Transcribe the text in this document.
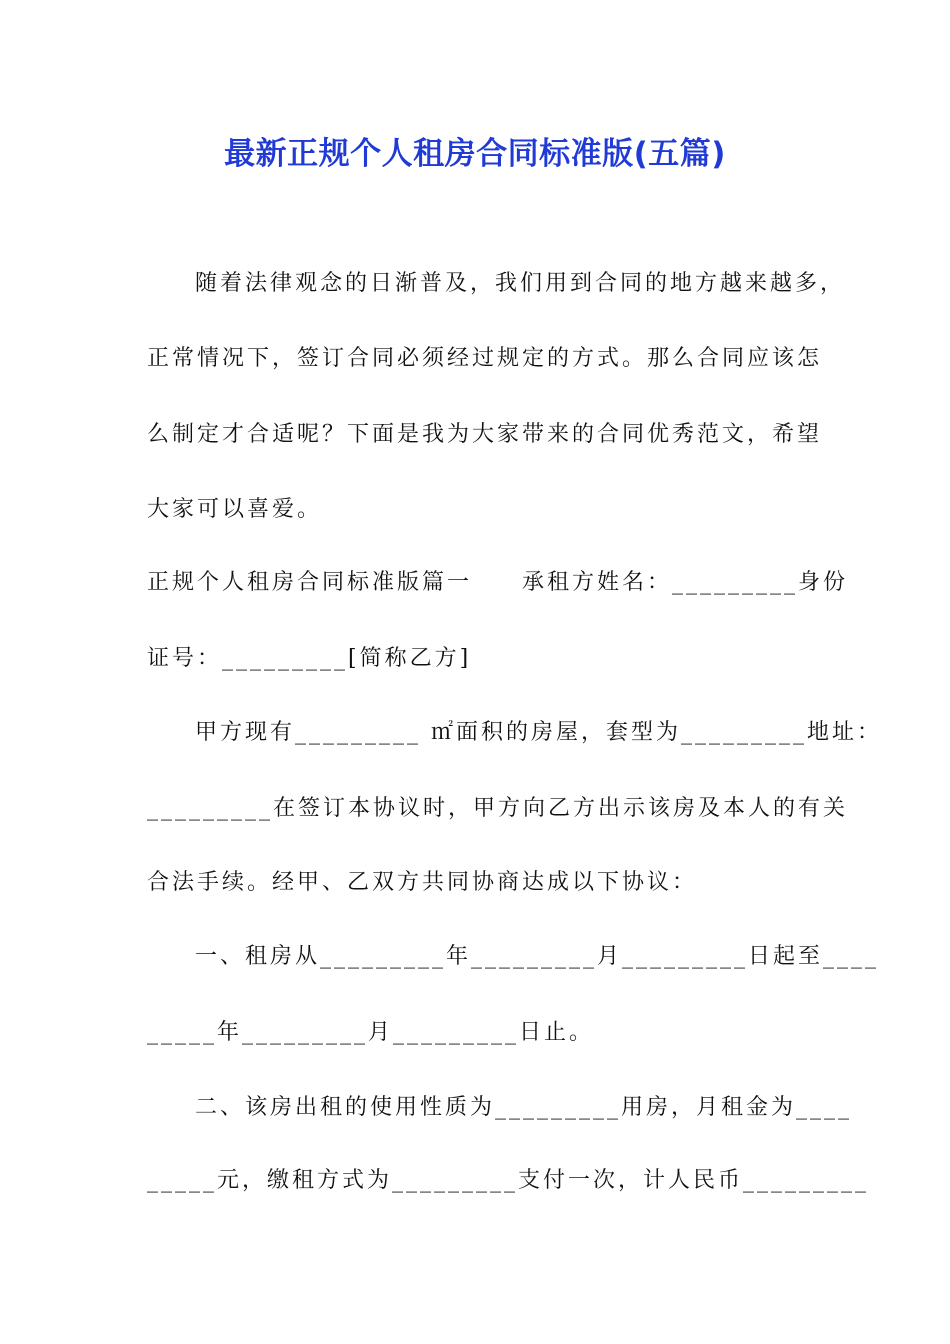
最新正规个人租房合同标准版(五篇)
随着法律观念的日渐普及，我们用到合同的地方越来越多，
正常情况下，签订合同必须经过规定的方式。那么合同应该怎
么制定才合适呢？下面是我为大家带来的合同优秀范文，希望
大家可以喜爱。
正规个人租房合同标准版篇一　　承租方姓名：_________身份
证号：_________[简称乙方]
甲方现有_________ ㎡面积的房屋，套型为_________地址：
_________在签订本协议时，甲方向乙方出示该房及本人的有关
合法手续。经甲、乙双方共同协商达成以下协议：
一、租房从_________年_________月_________日起至____
_____年_________月_________日止。
二、该房出租的使用性质为_________用房，月租金为____
_____元，缴租方式为_________支付一次，计人民币_________
